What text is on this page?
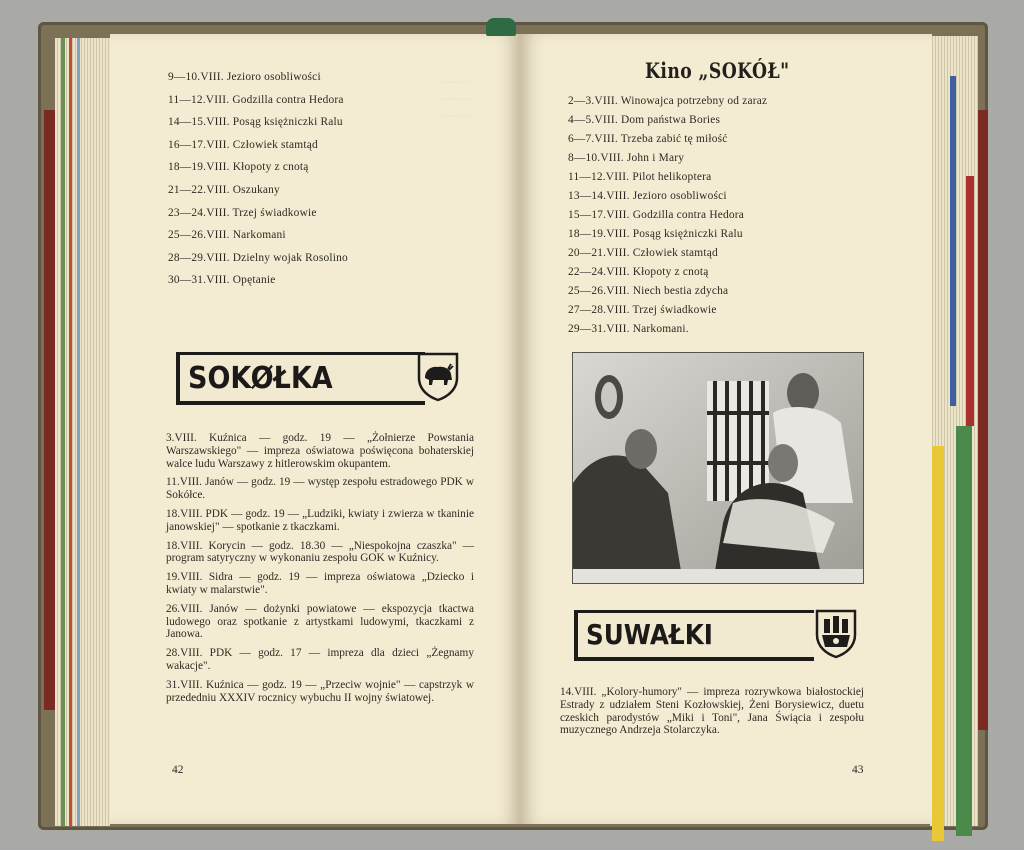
⋯⋯⋯
⋯⋯⋯
⋯⋯⋯
9—10.VIII. Jezioro osobliwości
11—12.VIII. Godzilla contra Hedora
14—15.VIII. Posąg księżniczki Ralu
16—17.VIII. Człowiek stamtąd
18—19.VIII. Kłopoty z cnotą
21—22.VIII. Oszukany
23—24.VIII. Trzej świadkowie
25—26.VIII. Narkomani
28—29.VIII. Dzielny wojak Rosolino
30—31.VIII. Opętanie
SOKØŁKA
3.VIII. Kuźnica — godz. 19 — „Żołnierze Powstania Warszawskiego" — impreza oświatowa poświęcona bohaterskiej walce ludu Warszawy z hitlerowskim okupantem.
11.VIII. Janów — godz. 19 — występ zespołu estradowego PDK w Sokółce.
18.VIII. PDK — godz. 19 — „Ludziki, kwiaty i zwierza w tkaninie janowskiej" — spotkanie z tkaczkami.
18.VIII. Korycin — godz. 18.30 — „Niespokojna czaszka" — program satyryczny w wykonaniu zespołu GOK w Kuźnicy.
19.VIII. Sidra — godz. 19 — impreza oświatowa „Dziecko i kwiaty w malarstwie".
26.VIII. Janów — dożynki powiatowe — ekspozycja tkactwa ludowego oraz spotkanie z artystkami ludowymi, tkaczkami z Janowa.
28.VIII. PDK — godz. 17 — impreza dla dzieci „Żegnamy wakacje".
31.VIII. Kuźnica — godz. 19 — „Przeciw wojnie" — capstrzyk w przededniu XXXIV rocznicy wybuchu II wojny światowej.
42
Kino „SOKÓŁ"
2—3.VIII. Winowajca potrzebny od zaraz
4—5.VIII. Dom państwa Bories
6—7.VIII. Trzeba zabić tę miłość
8—10.VIII. John i Mary
11—12.VIII. Pilot helikoptera
13—14.VIII. Jezioro osobliwości
15—17.VIII. Godzilla contra Hedora
18—19.VIII. Posąg księżniczki Ralu
20—21.VIII. Człowiek stamtąd
22—24.VIII. Kłopoty z cnotą
25—26.VIII. Niech bestia zdycha
27—28.VIII. Trzej świadkowie
29—31.VIII. Narkomani.
SUWAŁKI
14.VIII. „Kolory-humory" — impreza rozrywkowa białostockiej Estrady z udziałem Steni Kozłowskiej, Żeni Borysiewicz, duetu czeskich parodystów „Miki i Toni", Jana Świącia i zespołu muzycznego Andrzeja Stolarczyka.
43
